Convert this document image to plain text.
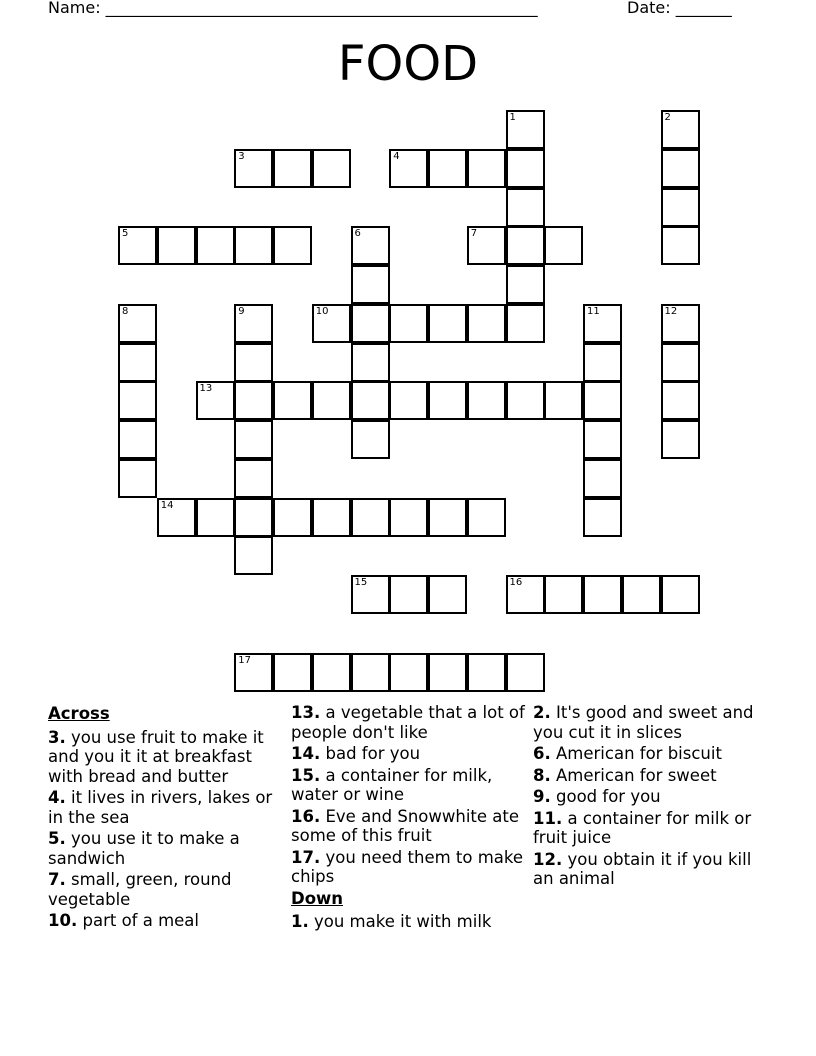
Name: ______________________________________________________	Date: _______
FOOD
1	2
3	4
5	6	7
8	9	10	11	12
13
14
15	16
17
Across
3. you use fruit to make it and you it it at breakfast with bread and butter
4. it lives in rivers, lakes or in the sea
5. you use it to make a sandwich
7. small, green, round vegetable
10. part of a meal
13. a vegetable that a lot of people don't like
14. bad for you
15. a container for milk, water or wine
16. Eve and Snowwhite ate some of this fruit
17. you need them to make chips
Down
1. you make it with milk
2. It's good and sweet and you cut it in slices
6. American for biscuit
8. American for sweet
9. good for you
11. a container for milk or fruit juice
12. you obtain it if you kill an animal
